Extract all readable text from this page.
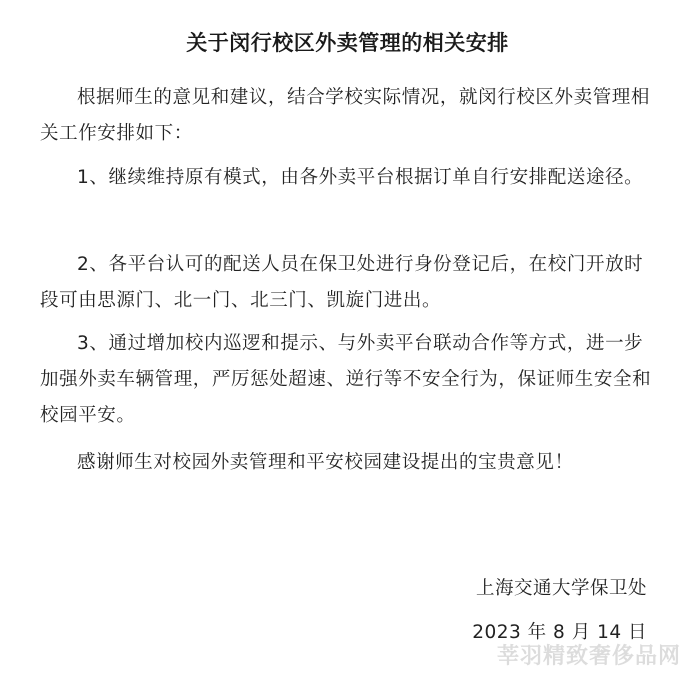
关于闵行校区外卖管理的相关安排
根据师生的意见和建议，结合学校实际情况，就闵行校区外卖管理相关工作安排如下：
1、继续维持原有模式，由各外卖平台根据订单自行安排配送途径。
2、各平台认可的配送人员在保卫处进行身份登记后，在校门开放时段可由思源门、北一门、北三门、凯旋门进出。
3、通过增加校内巡逻和提示、与外卖平台联动合作等方式，进一步加强外卖车辆管理，严厉惩处超速、逆行等不安全行为，保证师生安全和校园平安。
感谢师生对校园外卖管理和平安校园建设提出的宝贵意见！
上海交通大学保卫处
2023 年 8 月 14 日
莘羽精致奢侈品网
